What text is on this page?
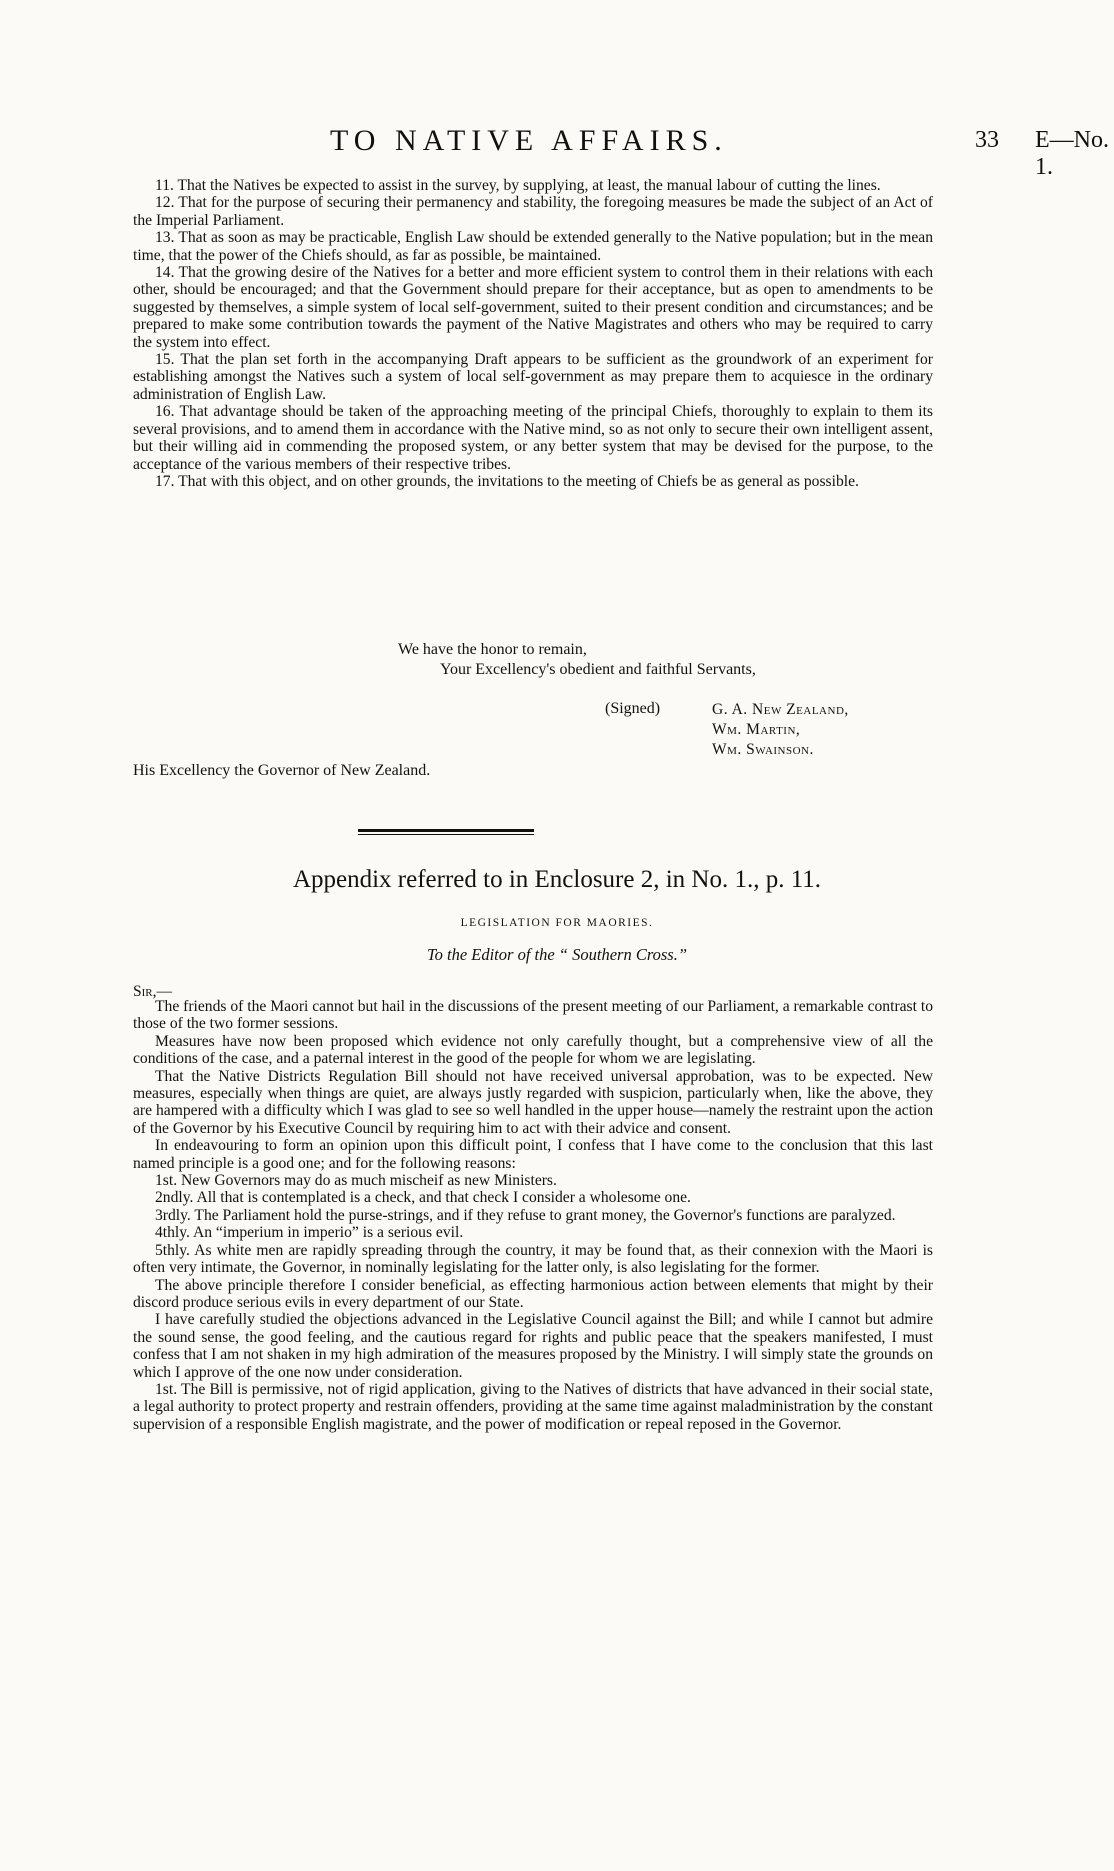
TO NATIVE AFFAIRS.	33 E—No. 1.

11. That the Natives be expected to assist in the survey, by supplying, at least, the manual labour of cutting the lines.

12. That for the purpose of securing their permanency and stability, the foregoing measures be made the subject of an Act of the Imperial Parliament.

13. That as soon as may be practicable, English Law should be extended generally to the Native population; but in the mean time, that the power of the Chiefs should, as far as possible, be maintained.

14. That the growing desire of the Natives for a better and more efficient system to control them in their relations with each other, should be encouraged; and that the Government should prepare for their acceptance, but as open to amendments to be suggested by themselves, a simple system of local self-government, suited to their present condition and circumstances; and be prepared to make some contribution towards the payment of the Native Magistrates and others who may be required to carry the system into effect.

15. That the plan set forth in the accompanying Draft appears to be sufficient as the groundwork of an experiment for establishing amongst the Natives such a system of local self-government as may prepare them to acquiesce in the ordinary administration of English Law.

16. That advantage should be taken of the approaching meeting of the principal Chiefs, thoroughly to explain to them its several provisions, and to amend them in accordance with the Native mind, so as not only to secure their own intelligent assent, but their willing aid in commending the proposed system, or any better system that may be devised for the purpose, to the acceptance of the various members of their respective tribes.

17. That with this object, and on other grounds, the invitations to the meeting of Chiefs be as general as possible.

We have the honor to remain,
Your Excellency's obedient and faithful Servants,
(Signed)	G. A. New Zealand,
Wm. Martin,
Wm. Swainson.
His Excellency the Governor of New Zealand.
Appendix referred to in Enclosure 2, in No. 1., p. 11.
LEGISLATION FOR MAORIES.
To the Editor of the “ Southern Cross.”
Sir,—

The friends of the Maori cannot but hail in the discussions of the present meeting of our Parliament, a remarkable contrast to those of the two former sessions.

Measures have now been proposed which evidence not only carefully thought, but a comprehensive view of all the conditions of the case, and a paternal interest in the good of the people for whom we are legislating.

That the Native Districts Regulation Bill should not have received universal approbation, was to be expected. New measures, especially when things are quiet, are always justly regarded with suspicion, particularly when, like the above, they are hampered with a difficulty which I was glad to see so well handled in the upper house—namely the restraint upon the action of the Governor by his Executive Council by requiring him to act with their advice and consent.

In endeavouring to form an opinion upon this difficult point, I confess that I have come to the conclusion that this last named principle is a good one; and for the following reasons:

1st. New Governors may do as much mischeif as new Ministers.

2ndly. All that is contemplated is a check, and that check I consider a wholesome one.

3rdly. The Parliament hold the purse-strings, and if they refuse to grant money, the Governor's functions are paralyzed.

4thly. An “imperium in imperio” is a serious evil.

5thly. As white men are rapidly spreading through the country, it may be found that, as their connexion with the Maori is often very intimate, the Governor, in nominally legislating for the latter only, is also legislating for the former.

The above principle therefore I consider beneficial, as effecting harmonious action between elements that might by their discord produce serious evils in every department of our State.

I have carefully studied the objections advanced in the Legislative Council against the Bill; and while I cannot but admire the sound sense, the good feeling, and the cautious regard for rights and public peace that the speakers manifested, I must confess that I am not shaken in my high admiration of the measures proposed by the Ministry. I will simply state the grounds on which I approve of the one now under consideration.

1st. The Bill is permissive, not of rigid application, giving to the Natives of districts that have advanced in their social state, a legal authority to protect property and restrain offenders, providing at the same time against maladministration by the constant supervision of a responsible English magistrate, and the power of modification or repeal reposed in the Governor.
